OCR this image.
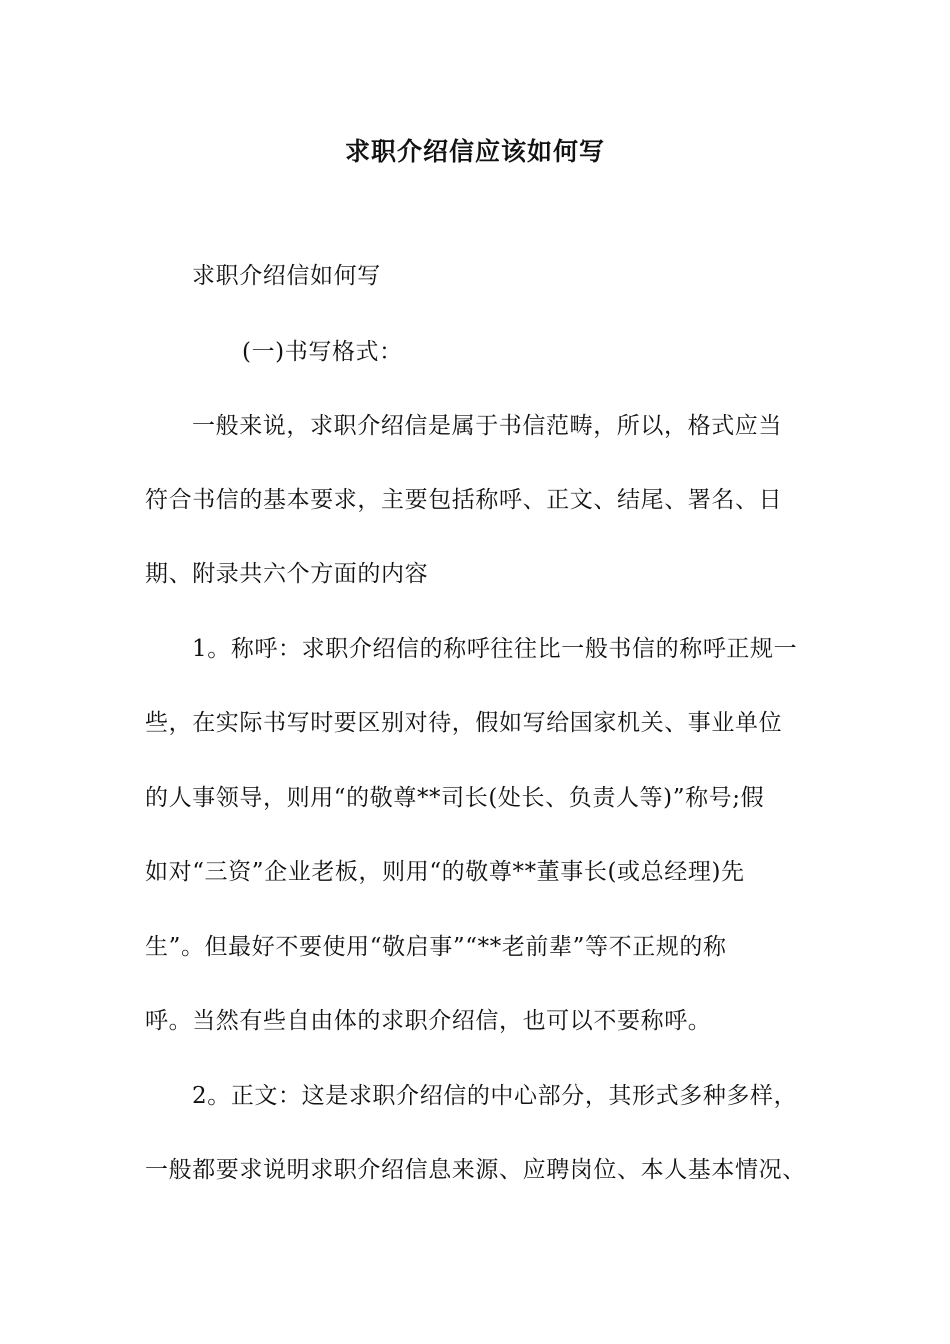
求职介绍信应该如何写
求职介绍信如何写
(一)书写格式：
一般来说，求职介绍信是属于书信范畴，所以，格式应当
符合书信的基本要求，主要包括称呼、正文、结尾、署名、日
期、附录共六个方面的内容
1。称呼：求职介绍信的称呼往往比一般书信的称呼正规一
些，在实际书写时要区别对待，假如写给国家机关、事业单位
的人事领导，则用“的敬尊**司长(处长、负责人等)”称号;假
如对“三资”企业老板，则用“的敬尊**董事长(或总经理)先
生”。但最好不要使用“敬启事”“**老前辈”等不正规的称
呼。当然有些自由体的求职介绍信，也可以不要称呼。
2。正文：这是求职介绍信的中心部分，其形式多种多样，
一般都要求说明求职介绍信息来源、应聘岗位、本人基本情况、
